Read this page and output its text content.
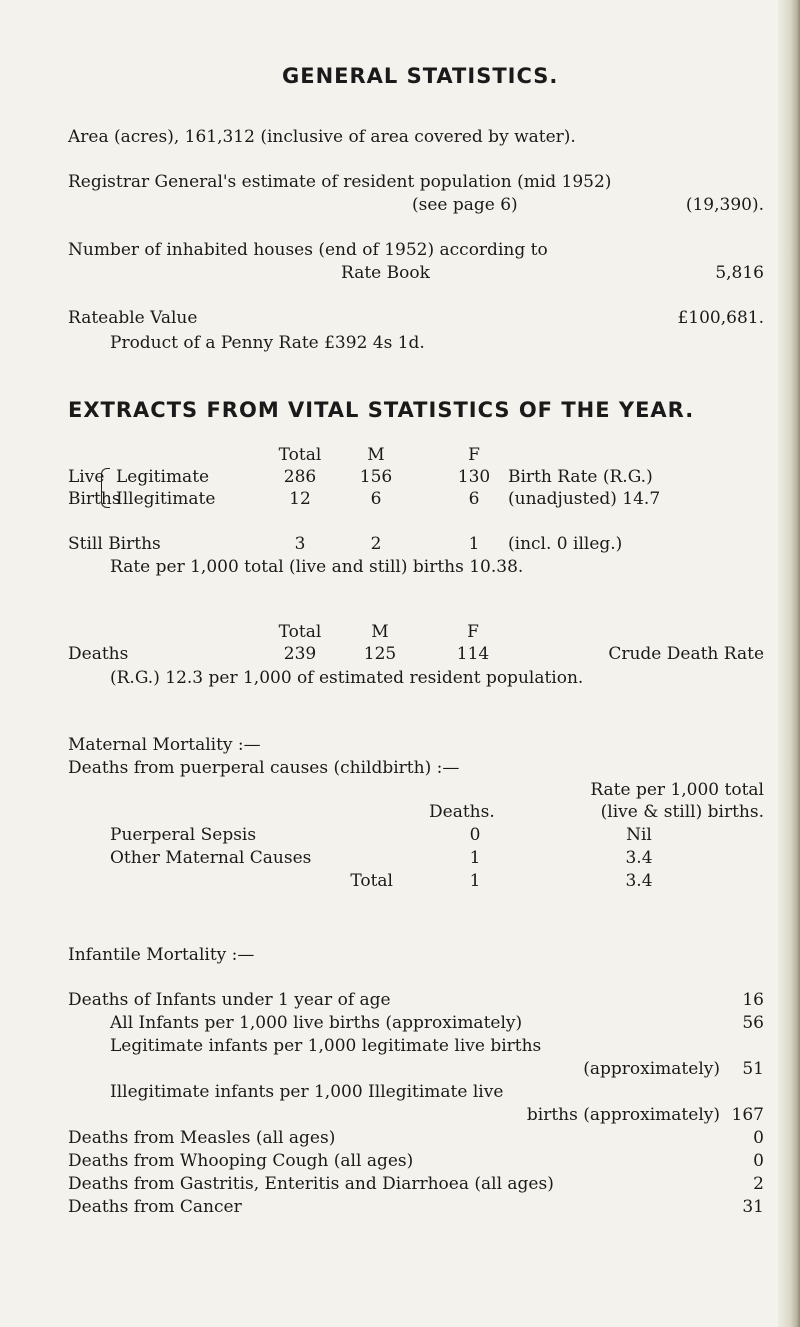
GENERAL STATISTICS.
Area (acres), 161,312 (inclusive of area covered by water).
Registrar General's estimate of resident population (mid 1952)
(see page 6)	(19,390).
Number of inhabited houses (end of 1952) according to
Rate Book	5,816
Rateable Value	£100,681.
Product of a Penny Rate £392 4s 1d.
EXTRACTS FROM VITAL STATISTICS OF THE YEAR.
Total	M	F
Live
Births
Legitimate	286	156	130 Birth Rate (R.G.)
Illegitimate	12	6	6	(unadjusted) 14.7
Still Births	3	2	1	(incl. 0 illeg.)
Rate per 1,000 total (live and still) births 10.38.
Total	M	F
Deaths	239	125	114	Crude Death Rate
(R.G.) 12.3 per 1,000 of estimated resident population.
Maternal Mortality :—
Deaths from puerperal causes (childbirth) :—
Rate per 1,000 total
Deaths.	(live & still) births.
Puerperal Sepsis	0	Nil
Other Maternal Causes	1	3.4
Total	1	3.4
Infantile Mortality :—
Deaths of Infants under 1 year of age	16
All Infants per 1,000 live births (approximately)	56
Legitimate infants per 1,000 legitimate live births
(approximately) 51
Illegitimate infants per 1,000 Illegitimate live
births (approximately) 167
Deaths from Measles (all ages)	0
Deaths from Whooping Cough (all ages)	0
Deaths from Gastritis, Enteritis and Diarrhoea (all ages)	2
Deaths from Cancer	31
